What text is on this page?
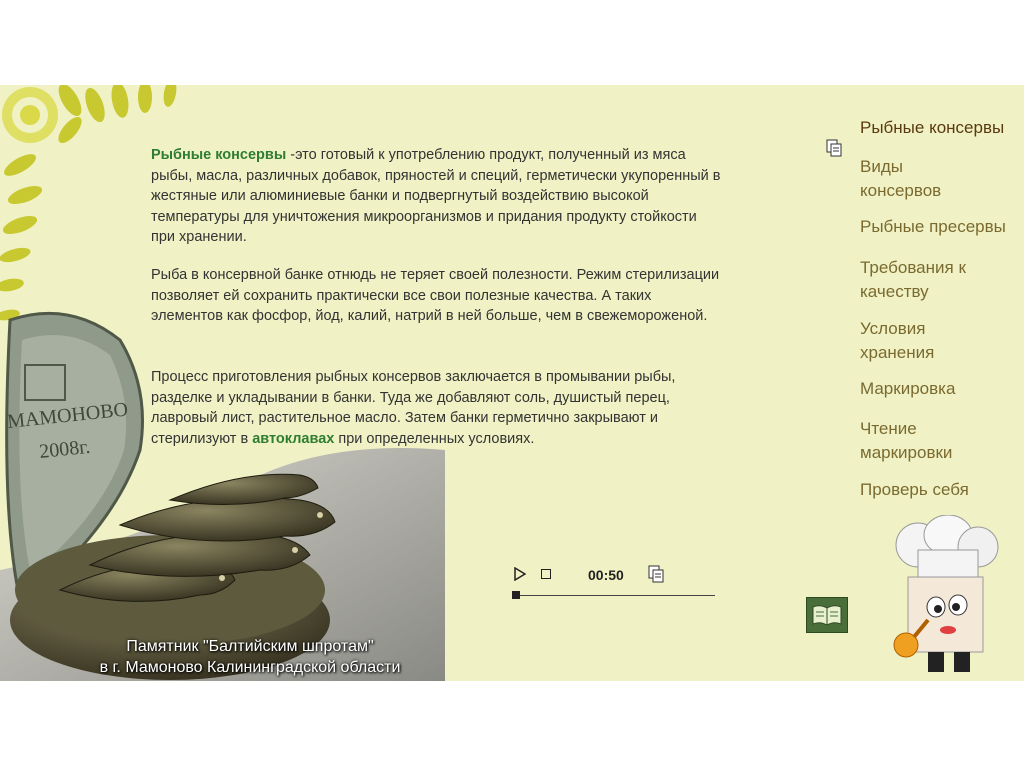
МАМОНОВО
2008г.
Памятник "Балтийским шпротам"
в г. Мамоново Калининградской области

Рыбные консервы -это готовый к употреблению продукт, полученный из мяса

рыбы, масла, различных добавок, пряностей и специй, герметически укупоренный в

жестяные или алюминиевые банки и подвергнутый воздействию высокой

температуры для уничтожения микроорганизмов и придания продукту стойкости

при хранении.

Рыба в консервной банке отнюдь не теряет своей полезности. Режим стерилизации

позволяет ей сохранить практически все свои полезные качества. А таких

элементов как фосфор, йод, калий, натрий в ней больше, чем в свежемороженой.

Процесс приготовления рыбных консервов заключается в промывании рыбы,

разделке и укладывании в банки. Туда же добавляют соль, душистый перец,

лавровый лист, растительное масло. Затем банки герметично закрывают и

стерилизуют в автоклавах при определенных условиях.

Рыбные консервы
Виды
консервов
Рыбные пресервы
Требования к
качеству
Условия
хранения
Маркировка
Чтение
маркировки
Проверь себя
00:50
